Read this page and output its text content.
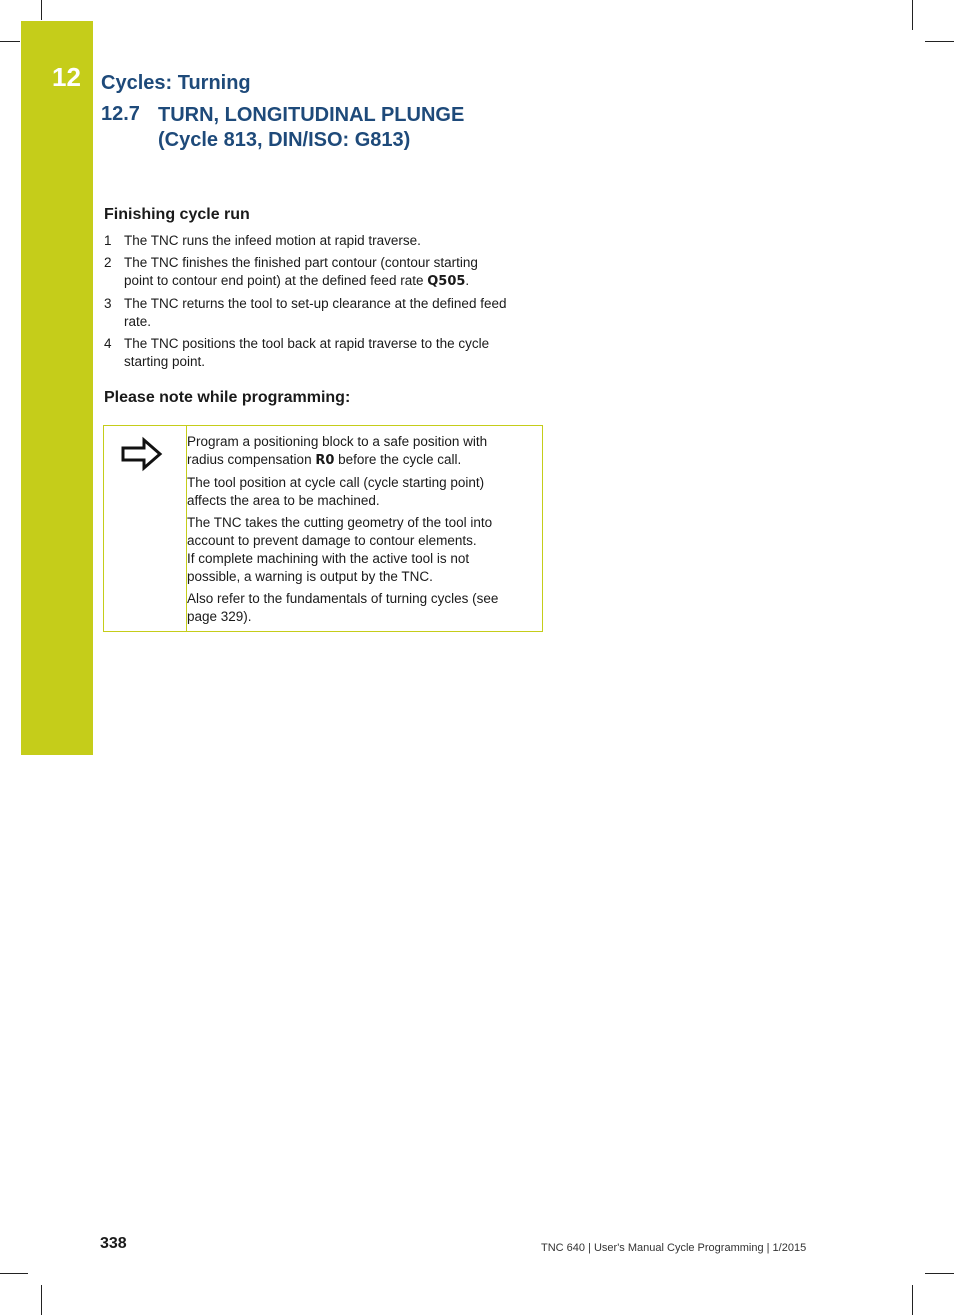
12 Cycles: Turning
12.7 TURN, LONGITUDINAL PLUNGE
(Cycle 813, DIN/ISO: G813)
Finishing cycle run
1 The TNC runs the infeed motion at rapid traverse.
2 The TNC finishes the finished part contour (contour starting
point to contour end point) at the defined feed rate Q505.
3 The TNC returns the tool to set-up clearance at the defined feed
rate.
4 The TNC positions the tool back at rapid traverse to the cycle
starting point.
Please note while programming:

Program a positioning block to a safe position with
radius compensation R0 before the cycle call.

The tool position at cycle call (cycle starting point)
affects the area to be machined.

The TNC takes the cutting geometry of the tool into
account to prevent damage to contour elements.
If complete machining with the active tool is not
possible, a warning is output by the TNC.

Also refer to the fundamentals of turning cycles (see
page 329).

338	TNC 640 | User's Manual Cycle Programming | 1/2015
